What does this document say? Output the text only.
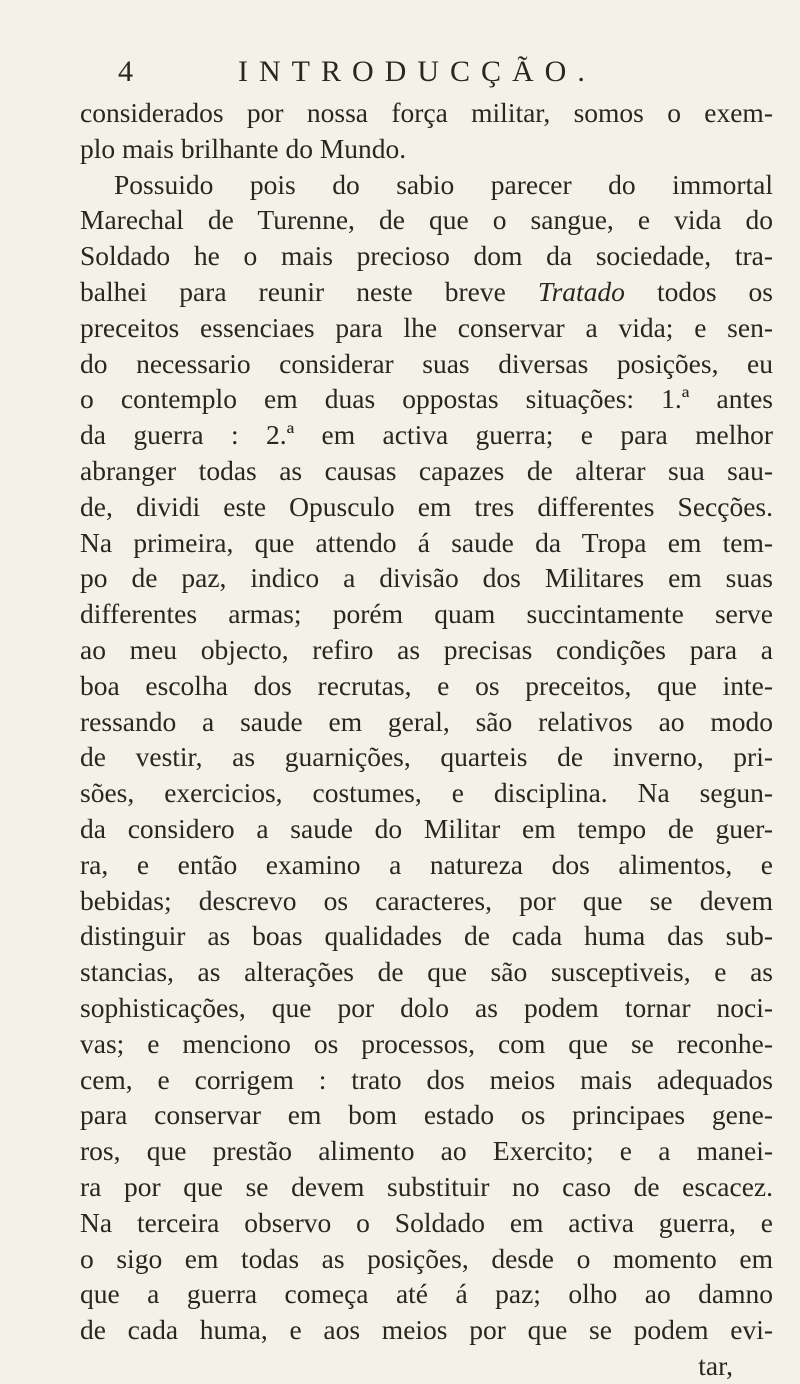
4	INTRODUCÇÃO.
considerados por nossa força militar, somos o exem-
plo mais brilhante do Mundo.
Possuido pois do sabio parecer do immortal
Marechal de Turenne, de que o sangue, e vida do
Soldado he o mais precioso dom da sociedade, tra-
balhei para reunir neste breve Tratado todos os
preceitos essenciaes para lhe conservar a vida; e sen-
do necessario considerar suas diversas posições, eu
o contemplo em duas oppostas situações: 1.ª antes
da guerra : 2.ª em activa guerra; e para melhor
abranger todas as causas capazes de alterar sua sau-
de, dividi este Opusculo em tres differentes Secções.
Na primeira, que attendo á saude da Tropa em tem-
po de paz, indico a divisão dos Militares em suas
differentes armas; porém quam succintamente serve
ao meu objecto, refiro as precisas condições para a
boa escolha dos recrutas, e os preceitos, que inte-
ressando a saude em geral, são relativos ao modo
de vestir, as guarnições, quarteis de inverno, pri-
sões, exercicios, costumes, e disciplina. Na segun-
da considero a saude do Militar em tempo de guer-
ra, e então examino a natureza dos alimentos, e
bebidas; descrevo os caracteres, por que se devem
distinguir as boas qualidades de cada huma das sub-
stancias, as alterações de que são susceptiveis, e as
sophisticações, que por dolo as podem tornar noci-
vas; e menciono os processos, com que se reconhe-
cem, e corrigem : trato dos meios mais adequados
para conservar em bom estado os principaes gene-
ros, que prestão alimento ao Exercito; e a manei-
ra por que se devem substituir no caso de escacez.
Na terceira observo o Soldado em activa guerra, e
o sigo em todas as posições, desde o momento em
que a guerra começa até á paz; olho ao damno
de cada huma, e aos meios por que se podem evi-
tar,
